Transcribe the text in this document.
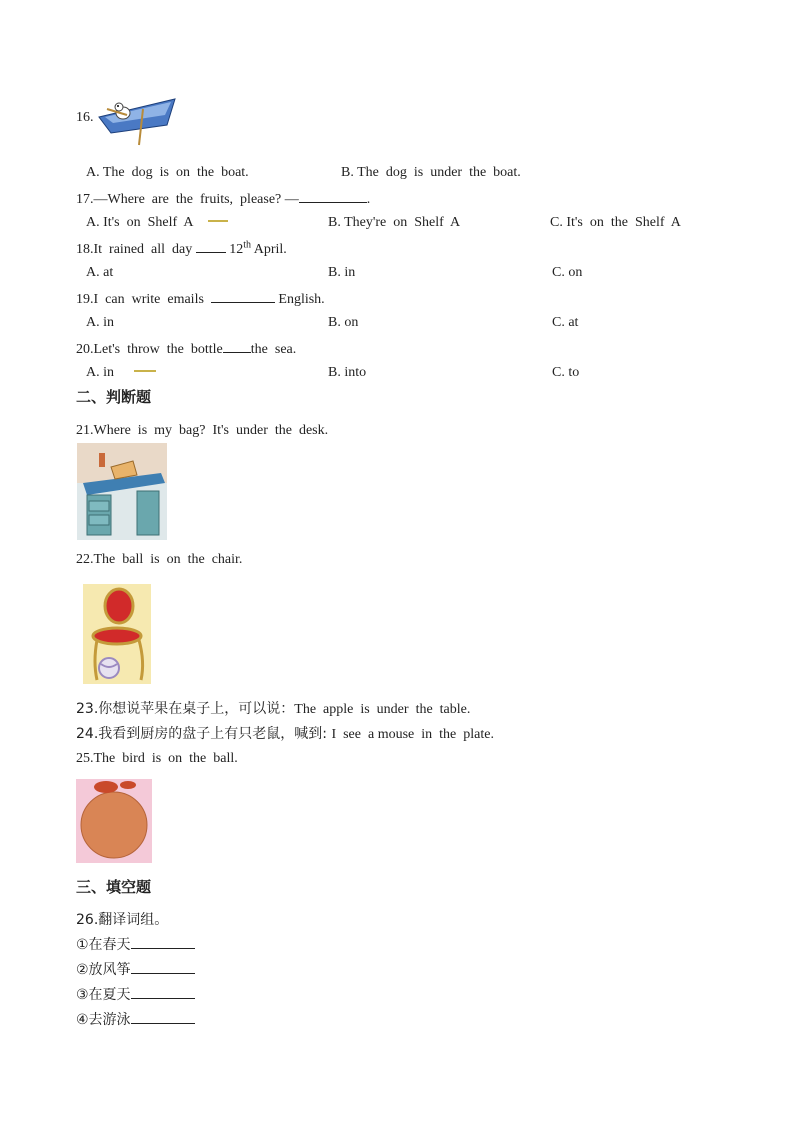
16.
A. The  dog  is  on  the  boat.	B. The  dog  is  under  the  boat.
17.—Where  are  the  fruits,  please? —	.
A. It's  on  Shelf  A	B. They're  on  Shelf  A	C. It's  on  the  Shelf  A
18.It  rained  all  day  12th April.
A. at	B. in	C. on
19.I  can  write  emails	English.
A. in	B. on	C. at
20.Let's  throw  the  bottle the  sea.
A. in	B. into	C. to
二、判断题
21.Where  is  my  bag?  It's  under  the  desk.
22.The  ball  is  on  the  chair.
23.你想说苹果在桌子上，可以说：The  apple  is  under  the  table.
24.我看到厨房的盘子上有只老鼠，喊到: I  see  a mouse  in  the  plate.
25.The  bird  is  on  the  ball.
三、填空题
26.翻译词组。
①在春天
②放风筝
③在夏天
④去游泳
